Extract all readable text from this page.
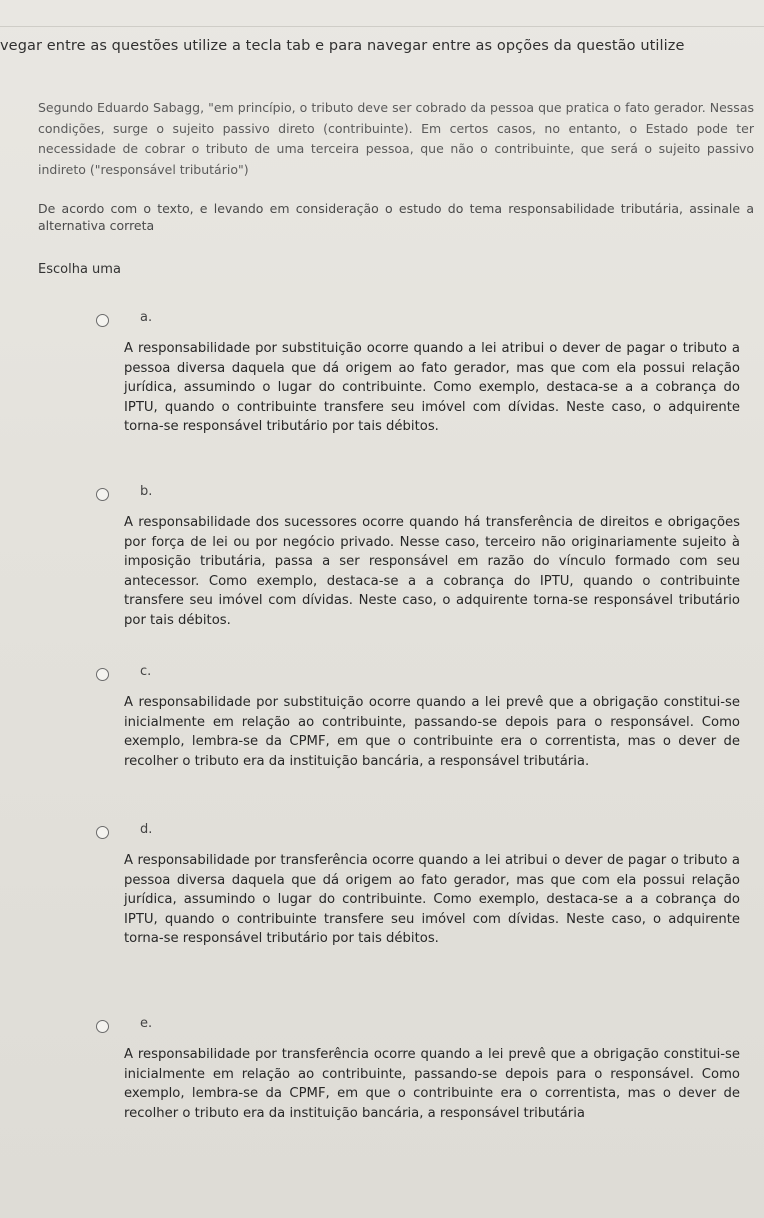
vegar entre as questões utilize a tecla tab e para navegar entre as opções da questão utilize
Segundo Eduardo Sabagg, "em princípio, o tributo deve ser cobrado da pessoa que pratica o fato gerador. Nessas condições, surge o sujeito passivo direto (contribuinte). Em certos casos, no entanto, o Estado pode ter necessidade de cobrar o tributo de uma terceira pessoa, que não o contribuinte, que será o sujeito passivo indireto ("responsável tributário")
De acordo com o texto, e levando em consideração o estudo do tema responsabilidade tributária, assinale a alternativa correta
Escolha uma
a.
A responsabilidade por substituição ocorre quando a lei atribui o dever de pagar o tributo a pessoa diversa daquela que dá origem ao fato gerador, mas que com ela possui relação jurídica, assumindo o lugar do contribuinte. Como exemplo, destaca-se a a cobrança do IPTU, quando o contribuinte transfere seu imóvel com dívidas. Neste caso, o adquirente torna-se responsável tributário por tais débitos.
b.
A responsabilidade dos sucessores ocorre quando há transferência de direitos e obrigações por força de lei ou por negócio privado. Nesse caso, terceiro não originariamente sujeito à imposição tributária, passa a ser responsável em razão do vínculo formado com seu antecessor. Como exemplo, destaca-se a a cobrança do IPTU, quando o contribuinte transfere seu imóvel com dívidas. Neste caso, o adquirente torna-se responsável tributário por tais débitos.
c.
A responsabilidade por substituição ocorre quando a lei prevê que a obrigação constitui-se inicialmente em relação ao contribuinte, passando-se depois para o responsável. Como exemplo, lembra-se da CPMF, em que o contribuinte era o correntista, mas o dever de recolher o tributo era da instituição bancária, a responsável tributária.
d.
A responsabilidade por transferência ocorre quando a lei atribui o dever de pagar o tributo a pessoa diversa daquela que dá origem ao fato gerador, mas que com ela possui relação jurídica, assumindo o lugar do contribuinte. Como exemplo, destaca-se a a cobrança do IPTU, quando o contribuinte transfere seu imóvel com dívidas. Neste caso, o adquirente torna-se responsável tributário por tais débitos.
e.
A responsabilidade por transferência ocorre quando a lei prevê que a obrigação constitui-se inicialmente em relação ao contribuinte, passando-se depois para o responsável. Como exemplo, lembra-se da CPMF, em que o contribuinte era o correntista, mas o dever de recolher o tributo era da instituição bancária, a responsável tributária
